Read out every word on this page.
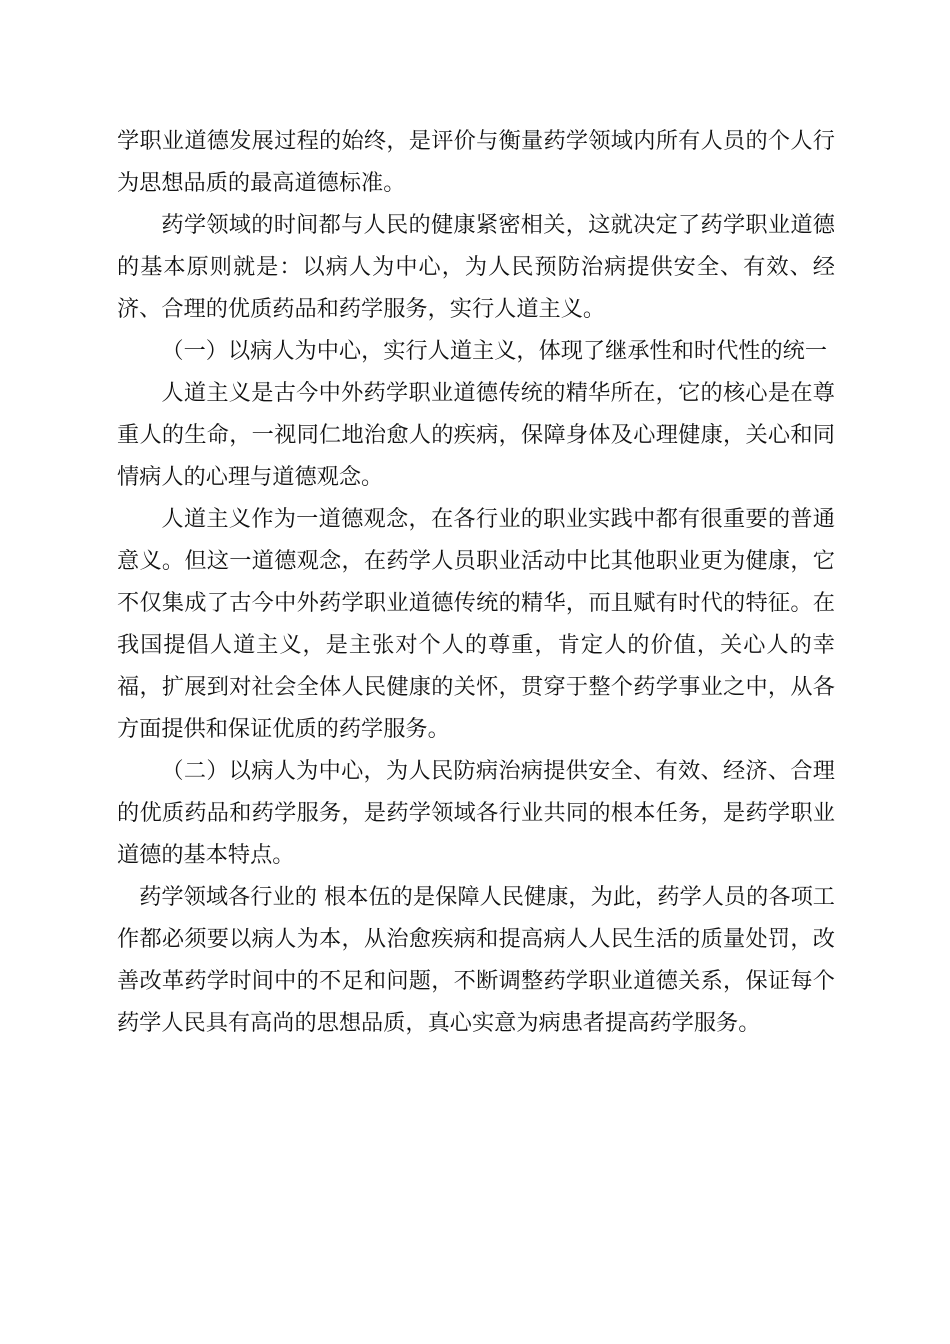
学职业道德发展过程的始终，是评价与衡量药学领域内所有人员的个人行为思想品质的最高道德标准。

药学领域的时间都与人民的健康紧密相关，这就决定了药学职业道德的基本原则就是：以病人为中心，为人民预防治病提供安全、有效、经济、合理的优质药品和药学服务，实行人道主义。

（一）以病人为中心，实行人道主义，体现了继承性和时代性的统一

人道主义是古今中外药学职业道德传统的精华所在，它的核心是在尊重人的生命，一视同仁地治愈人的疾病，保障身体及心理健康，关心和同情病人的心理与道德观念。

人道主义作为一道德观念，在各行业的职业实践中都有很重要的普通意义。但这一道德观念，在药学人员职业活动中比其他职业更为健康，它不仅集成了古今中外药学职业道德传统的精华，而且赋有时代的特征。在我国提倡人道主义，是主张对个人的尊重，肯定人的价值，关心人的幸福，扩展到对社会全体人民健康的关怀，贯穿于整个药学事业之中，从各方面提供和保证优质的药学服务。

（二）以病人为中心，为人民防病治病提供安全、有效、经济、合理的优质药品和药学服务，是药学领域各行业共同的根本任务，是药学职业道德的基本特点。

药学领域各行业的 根本伍的是保障人民健康，为此，药学人员的各项工作都必须要以病人为本，从治愈疾病和提高病人人民生活的质量处罚，改善改革药学时间中的不足和问题，不断调整药学职业道德关系，保证每个药学人民具有高尚的思想品质，真心实意为病患者提高药学服务。
